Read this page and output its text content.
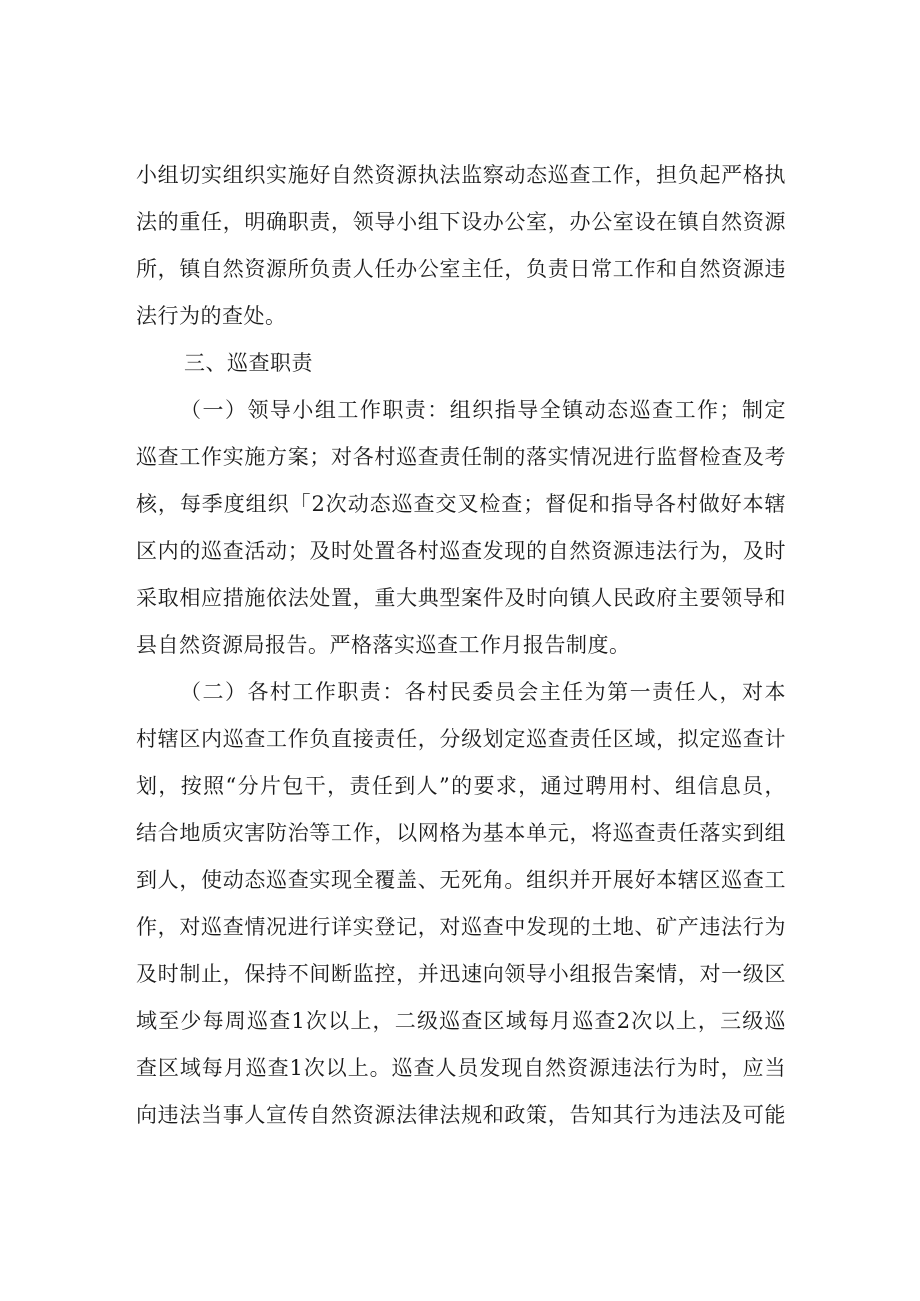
小组切实组织实施好自然资源执法监察动态巡查工作，担负起严格执
法的重任，明确职责，领导小组下设办公室，办公室设在镇自然资源
所，镇自然资源所负责人任办公室主任，负责日常工作和自然资源违
法行为的查处。
三、巡查职责
（一）领导小组工作职责：组织指导全镇动态巡查工作；制定
巡查工作实施方案；对各村巡查责任制的落实情况进行监督检查及考
核，每季度组织「2次动态巡查交叉检查；督促和指导各村做好本辖
区内的巡查活动；及时处置各村巡查发现的自然资源违法行为，及时
采取相应措施依法处置，重大典型案件及时向镇人民政府主要领导和
县自然资源局报告。严格落实巡查工作月报告制度。
（二）各村工作职责：各村民委员会主任为第一责任人，对本
村辖区内巡查工作负直接责任，分级划定巡查责任区域，拟定巡查计
划，按照“分片包干，责任到人”的要求，通过聘用村、组信息员，
结合地质灾害防治等工作，以网格为基本单元，将巡查责任落实到组
到人，使动态巡查实现全覆盖、无死角。组织并开展好本辖区巡查工
作，对巡查情况进行详实登记，对巡查中发现的土地、矿产违法行为
及时制止，保持不间断监控，并迅速向领导小组报告案情，对一级区
域至少每周巡查1次以上，二级巡查区域每月巡查2次以上，三级巡
查区域每月巡查1次以上。巡查人员发现自然资源违法行为时，应当
向违法当事人宣传自然资源法律法规和政策，告知其行为违法及可能
